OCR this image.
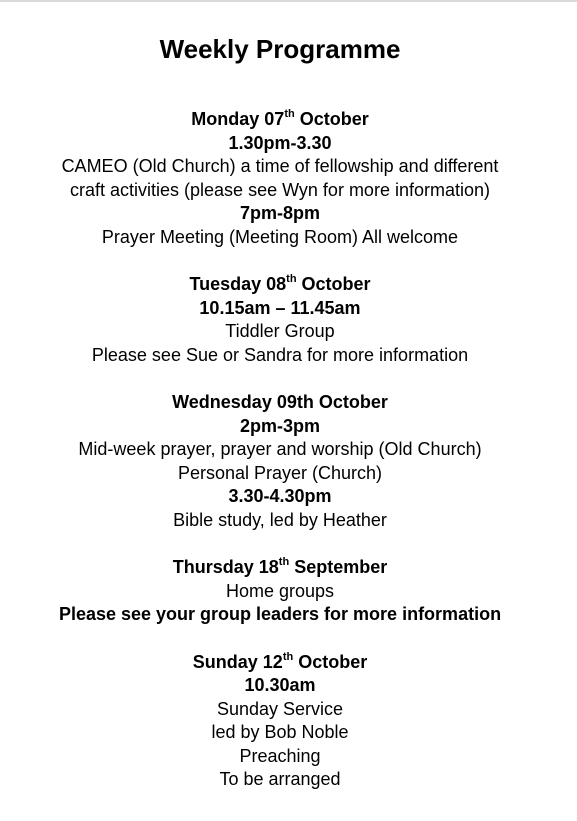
Weekly Programme
Monday 07th October
1.30pm-3.30
CAMEO (Old Church) a time of fellowship and different
craft activities (please see Wyn for more information)
7pm-8pm
Prayer Meeting (Meeting Room) All welcome
Tuesday 08th October
10.15am – 11.45am
Tiddler Group
Please see Sue or Sandra for more information
Wednesday 09th October
2pm-3pm
Mid-week prayer, prayer and worship (Old Church)
Personal Prayer (Church)
3.30-4.30pm
Bible study, led by Heather
Thursday 18th September
Home groups
Please see your group leaders for more information
Sunday 12th October
10.30am
Sunday Service
led by Bob Noble
Preaching
To be arranged
